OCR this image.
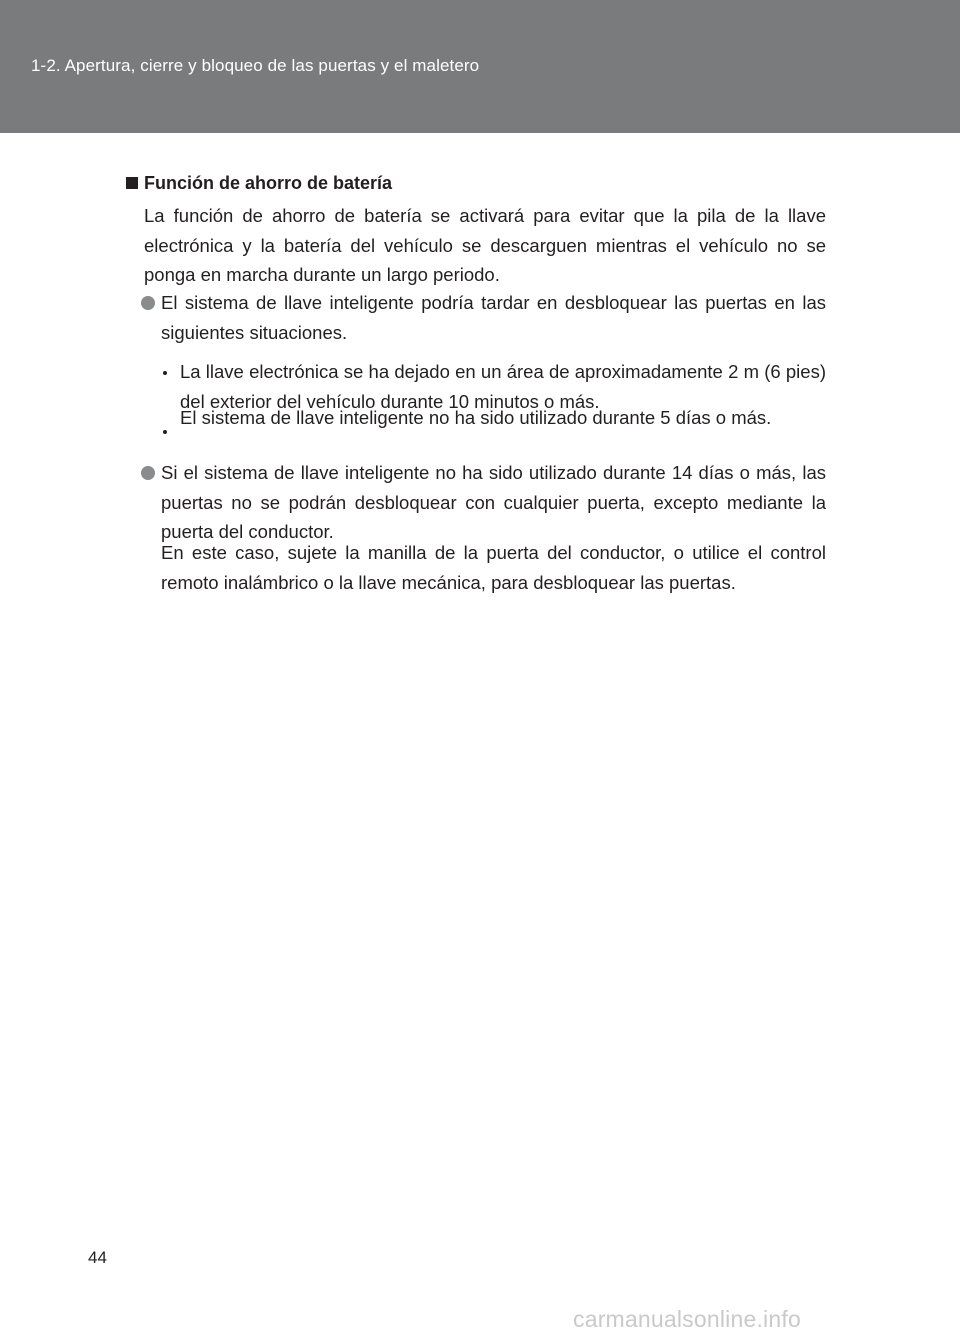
1-2. Apertura, cierre y bloqueo de las puertas y el maletero
Función de ahorro de batería

La función de ahorro de batería se activará para evitar que la pila de la llave electrónica y la batería del vehículo se descarguen mientras el vehículo no se ponga en marcha durante un largo periodo.

El sistema de llave inteligente podría tardar en desbloquear las puertas en las siguientes situaciones.

La llave electrónica se ha dejado en un área de aproximadamente 2 m (6 pies) del exterior del vehículo durante 10 minutos o más.

El sistema de llave inteligente no ha sido utilizado durante 5 días o más.

Si el sistema de llave inteligente no ha sido utilizado durante 14 días o más, las puertas no se podrán desbloquear con cualquier puerta, excepto mediante la puerta del conductor.

En este caso, sujete la manilla de la puerta del conductor, o utilice el control remoto inalámbrico o la llave mecánica, para desbloquear las puertas.

44
carmanualsonline.info
